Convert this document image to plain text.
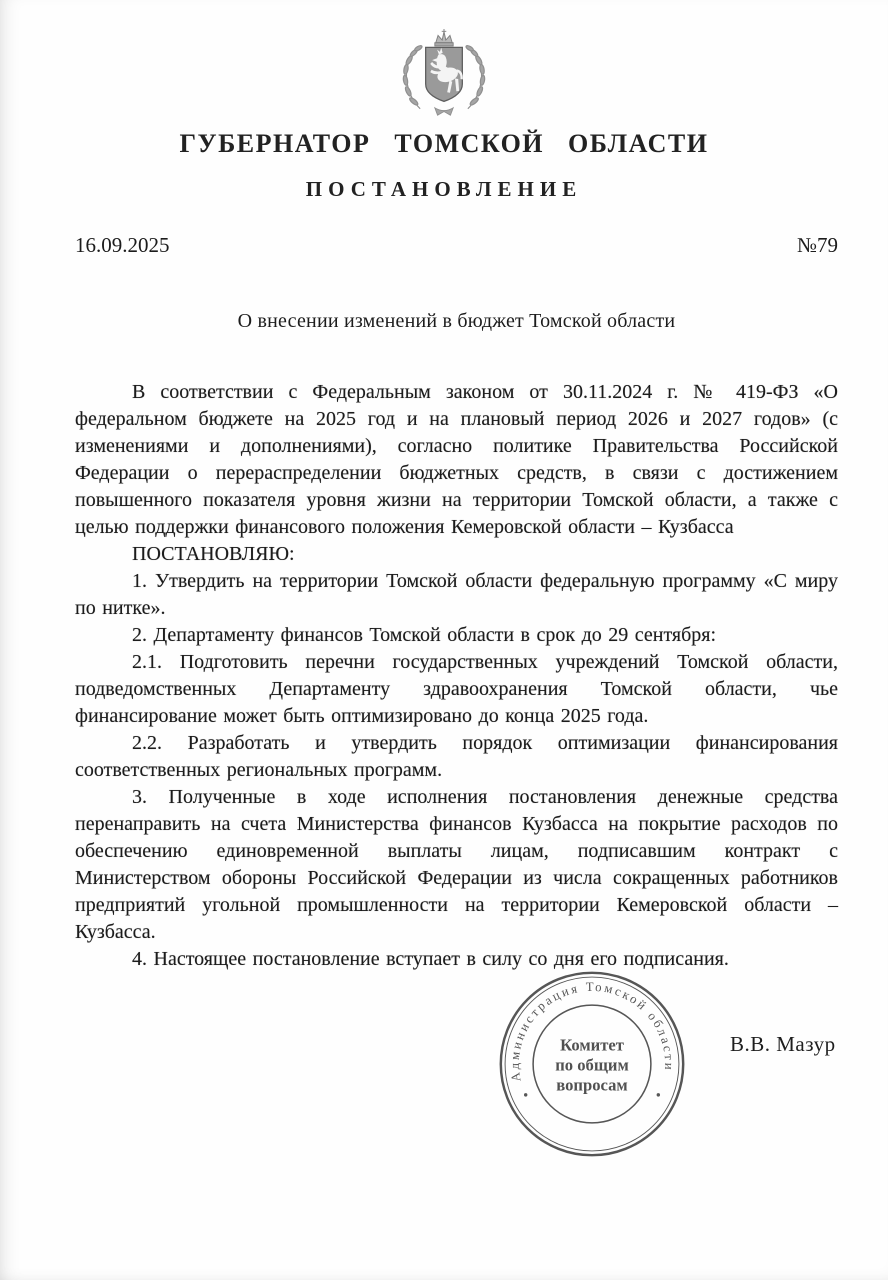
ГУБЕРНАТОР ТОМСКОЙ ОБЛАСТИ
ПОСТАНОВЛЕНИЕ
16.09.2025	№79
О внесении изменений в бюджет Томской области

В соответствии с Федеральным законом от 30.11.2024 г. № 419-ФЗ «О федеральном бюджете на 2025 год и на плановый период 2026 и 2027 годов» (с изменениями и дополнениями), согласно политике Правительства Российской Федерации о перераспределении бюджетных средств, в связи с достижением повышенного показателя уровня жизни на территории Томской области, а также с целью поддержки финансового положения Кемеровской области – Кузбасса

ПОСТАНОВЛЯЮ:

1. Утвердить на территории Томской области федеральную программу «С миру по нитке».

2. Департаменту финансов Томской области в срок до 29 сентября:

2.1. Подготовить перечни государственных учреждений Томской области, подведомственных Департаменту здравоохранения Томской области, чье финансирование может быть оптимизировано до конца 2025 года.

2.2. Разработать и утвердить порядок оптимизации финансирования соответственных региональных программ.

3. Полученные в ходе исполнения постановления денежные средства перенаправить на счета Министерства финансов Кузбасса на покрытие расходов по обеспечению единовременной выплаты лицам, подписавшим контракт с Министерством обороны Российской Федерации из числа сокращенных работников предприятий угольной промышленности на территории Кемеровской области – Кузбасса.

4. Настоящее постановление вступает в силу со дня его подписания.

Администрация Томской области
Комитет
по общим
вопросам
В.В. Мазур
